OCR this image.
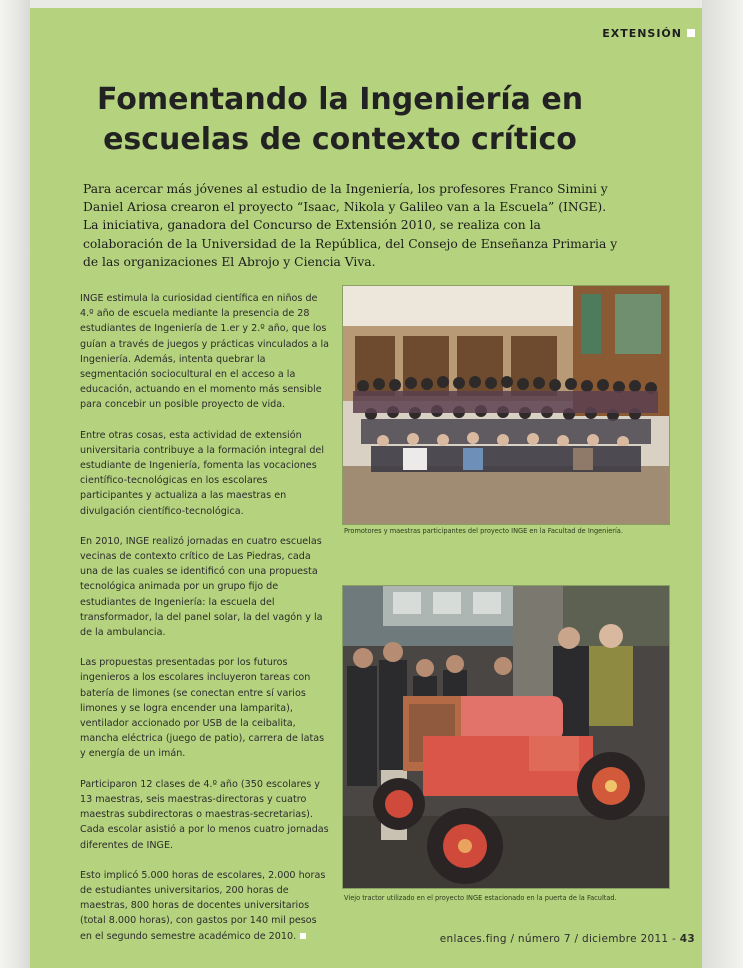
EXTENSIÓN
Fomentando la Ingeniería en escuelas de contexto crítico

Para acercar más jóvenes al estudio de la Ingeniería, los profesores Franco Simini y Daniel Ariosa crearon el proyecto “Isaac, Nikola y Galileo van a la Escuela” (INGE). La iniciativa, ganadora del Concurso de Extensión 2010, se realiza con la colaboración de la Universidad de la República, del Consejo de Enseñanza Primaria y de las organizaciones El Abrojo y Ciencia Viva.

INGE estimula la curiosidad científica en niños de 4.º año de escuela mediante la presencia de 28 estudiantes de Ingeniería de 1.er y 2.º año, que los guían a través de juegos y prácticas vinculados a la Ingeniería. Además, intenta quebrar la segmentación sociocultural en el acceso a la educación, actuando en el momento más sensible para concebir un posible proyecto de vida.

Entre otras cosas, esta actividad de extensión universitaria contribuye a la formación integral del estudiante de Ingeniería, fomenta las vocaciones científico-tecnológicas en los escolares participantes y actualiza a las maestras en divulgación científico-tecnológica.

En 2010, INGE realizó jornadas en cuatro escuelas vecinas de contexto crítico de Las Piedras, cada una de las cuales se identificó con una propuesta tecnológica animada por un grupo fijo de estudiantes de Ingeniería: la escuela del transformador, la del panel solar, la del vagón y la de la ambulancia.

Las propuestas presentadas por los futuros ingenieros a los escolares incluyeron tareas con batería de limones (se conectan entre sí varios limones y se logra encender una lamparita), ventilador accionado por USB de la ceibalita, mancha eléctrica (juego de patio), carrera de latas y energía de un imán.

Participaron 12 clases de 4.º año (350 escolares y 13 maestras, seis maestras-directoras y cuatro maestras subdirectoras o maestras-secretarias). Cada escolar asistió a por lo menos cuatro jornadas diferentes de INGE.

Esto implicó 5.000 horas de escolares, 2.000 horas de estudiantes universitarios, 200 horas de maestras, 800 horas de docentes universitarios (total 8.000 horas), con gastos por 140 mil pesos en el segundo semestre académico de 2010.

Promotores y maestras participantes del proyecto INGE en la Facultad de Ingeniería.
Viejo tractor utilizado en el proyecto INGE estacionado en la puerta de la Facultad.
enlaces.fing / número 7 / diciembre 2011 - 43
